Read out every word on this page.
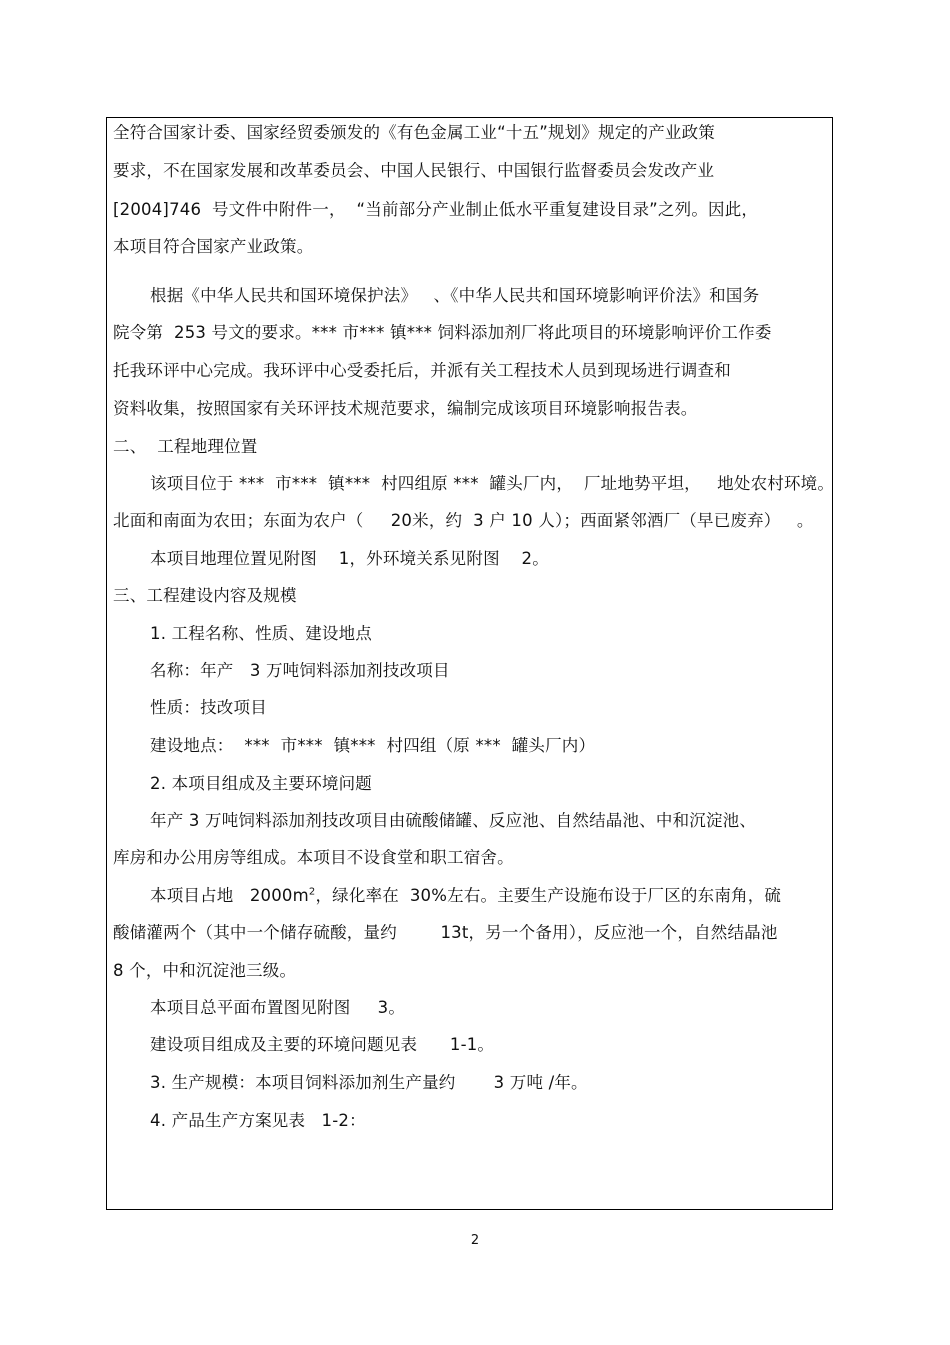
全符合国家计委、国家经贸委颁发的《有色金属工业“十五”规划》规定的产业政策
要求，不在国家发展和改革委员会、中国人民银行、中国银行监督委员会发改产业
[2004]746  号文件中附件一，  “当前部分产业制止低水平重复建设目录”之列。因此，
本项目符合国家产业政策。
根据《中华人民共和国环境保护法》   、《中华人民共和国环境影响评价法》和国务
院令第  253 号文的要求。*** 市*** 镇*** 饲料添加剂厂将此项目的环境影响评价工作委
托我环评中心完成。我环评中心受委托后，并派有关工程技术人员到现场进行调查和
资料收集，按照国家有关环评技术规范要求，编制完成该项目环境影响报告表。
二、  工程地理位置
该项目位于 ***  市***  镇***  村四组原 ***  罐头厂内，  厂址地势平坦，   地处农村环境。
北面和南面为农田；东面为农户（     20米，约  3 户 10 人）；西面紧邻酒厂（早已废弃）   。
本项目地理位置见附图    1，外环境关系见附图    2。
三、工程建设内容及规模
1. 工程名称、性质、建设地点
名称：年产   3 万吨饲料添加剂技改项目
性质：技改项目
建设地点：  ***  市***  镇***  村四组（原 ***  罐头厂内）
2. 本项目组成及主要环境问题
年产 3 万吨饲料添加剂技改项目由硫酸储罐、反应池、自然结晶池、中和沉淀池、
库房和办公用房等组成。本项目不设食堂和职工宿舍。
本项目占地   $2000m^2$，绿化率在  30%左右。主要生产设施布设于厂区的东南角，硫
酸储灌两个（其中一个储存硫酸，量约        13t，另一个备用），反应池一个，自然结晶池
8 个，中和沉淀池三级。
本项目总平面布置图见附图     3。
建设项目组成及主要的环境问题见表      1-1。
3. 生产规模：本项目饲料添加剂生产量约       3 万吨 /年。
4. 产品生产方案见表   1-2：
2
